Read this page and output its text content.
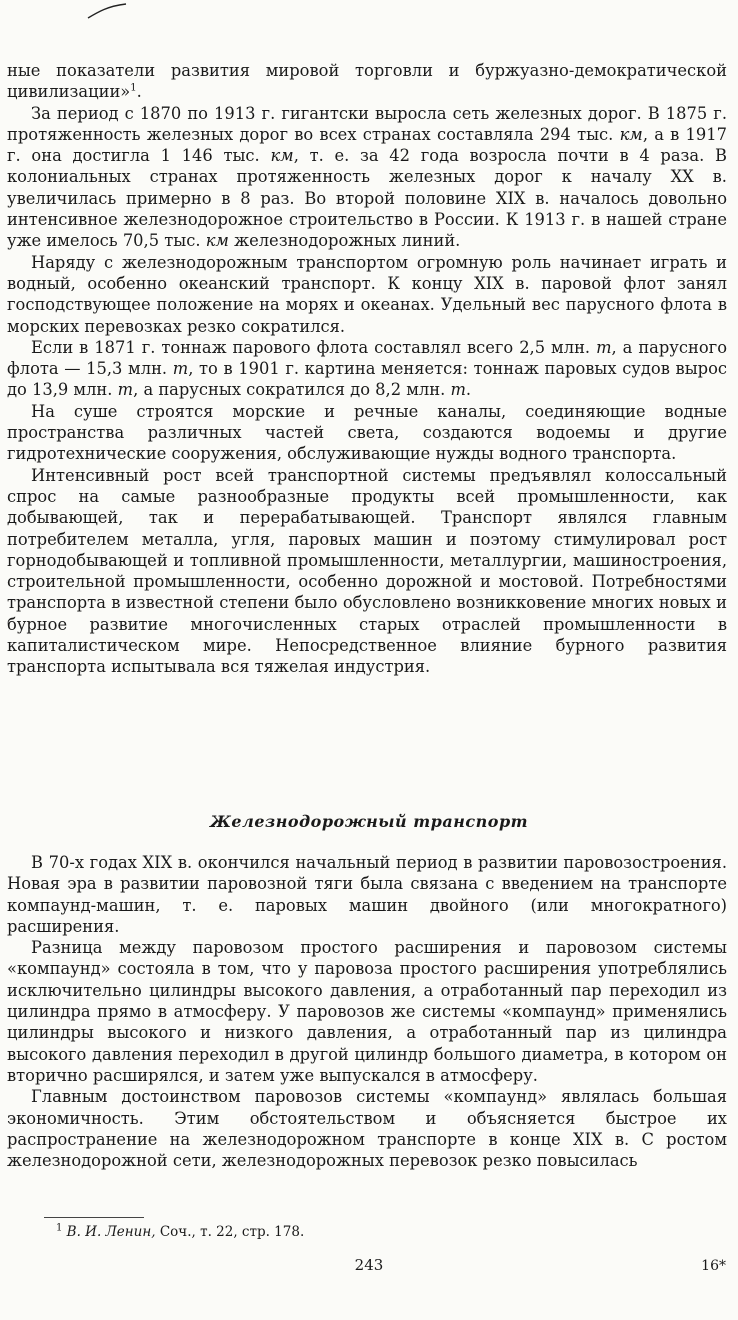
ные показатели развития мировой торговли и буржуазно-демократической цивилизации»$^1$.

За период с 1870 по 1913 г. гигантски выросла сеть железных дорог. В 1875 г. протяженность железных дорог во всех странах составляла 294 тыс. км, а в 1917 г. она достигла 1 146 тыс. км, т. е. за 42 года возросла почти в 4 раза. В колониальных странах протяженность железных дорог к началу XX в. увеличилась примерно в 8 раз. Во второй половине XIX в. началось довольно интенсивное железнодорожное строительство в России. К 1913 г. в нашей стране уже имелось 70,5 тыс. км железнодорожных линий.

Наряду с железнодорожным транспортом огромную роль начинает играть и водный, особенно океанский транспорт. К концу XIX в. паровой флот занял господствующее положение на морях и океанах. Удельный вес парусного флота в морских перевозках резко сократился.

Если в 1871 г. тоннаж парового флота составлял всего 2,5 млн. т, а парусного флота — 15,3 млн. т, то в 1901 г. картина меняется: тоннаж паровых судов вырос до 13,9 млн. т, а парусных сократился до 8,2 млн. т.

На суше строятся морские и речные каналы, соединяющие водные пространства различных частей света, создаются водоемы и другие гидротехнические сооружения, обслуживающие нужды водного транспорта.

Интенсивный рост всей транспортной системы предъявлял колоссальный спрос на самые разнообразные продукты всей промышленности, как добывающей, так и перерабатывающей. Транспорт являлся главным потребителем металла, угля, паровых машин и поэтому стимулировал рост горнодобывающей и топливной промышленности, металлургии, машиностроения, строительной промышленности, особенно дорожной и мостовой. Потребностями транспорта в известной степени было обусловлено возникковение многих новых и бурное развитие многочисленных старых отраслей промышленности в капиталистическом мире. Непосредственное влияние бурного развития транспорта испытывала вся тяжелая индустрия.

Железнодорожный транспорт

В 70-х годах XIX в. окончился начальный период в развитии паровозостроения. Новая эра в развитии паровозной тяги была связана с введением на транспорте компаунд-машин, т. е. паровых машин двойного (или многократного) расширения.

Разница между паровозом простого расширения и паровозом системы «компаунд» состояла в том, что у паровоза простого расширения употреблялись исключительно цилиндры высокого давления, а отработанный пар переходил из цилиндра прямо в атмосферу. У паровозов же системы «компаунд» применялись цилиндры высокого и низкого давления, а отработанный пар из цилиндра высокого давления переходил в другой цилиндр большого диаметра, в котором он вторично расширялся, и затем уже выпускался в атмосферу.

Главным достоинством паровозов системы «компаунд» являлась большая экономичность. Этим обстоятельством и объясняется быстрое их распространение на железнодорожном транспорте в конце XIX в. С ростом железнодорожной сети, железнодорожных перевозок резко повысилась

$^1$ В. И. Ленин, Соч., т. 22, стр. 178.
243	16*
